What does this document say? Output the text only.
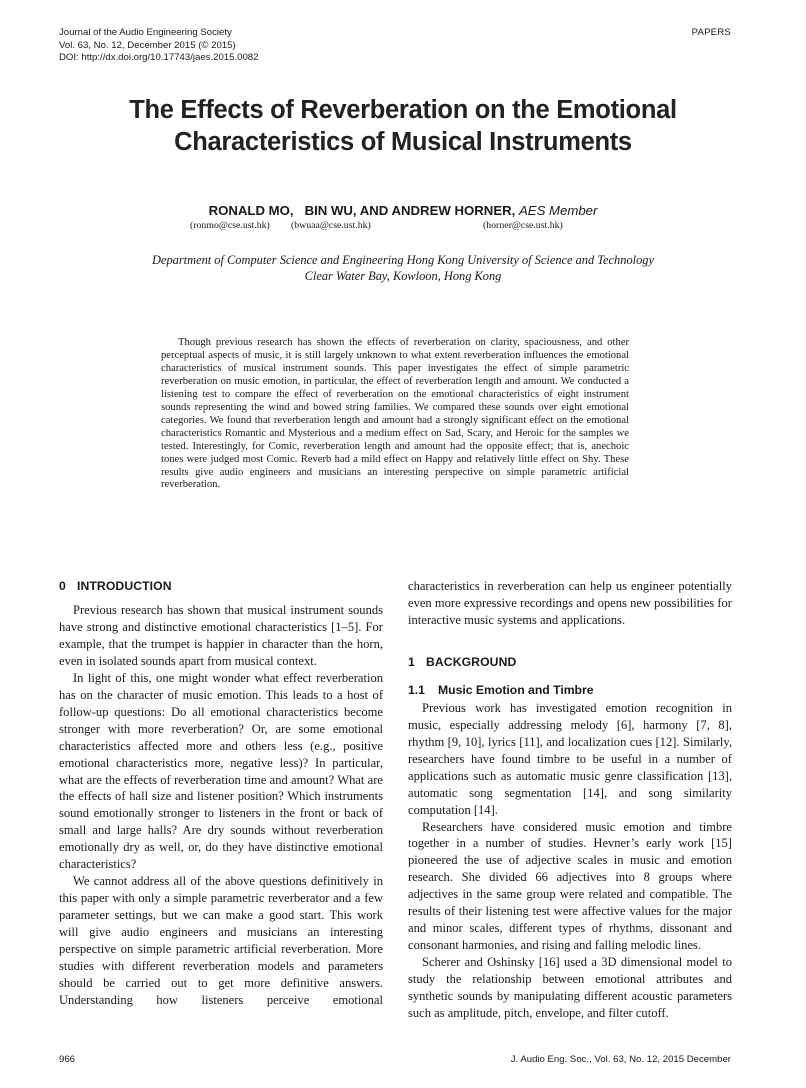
Journal of the Audio Engineering Society
Vol. 63, No. 12, December 2015 (© 2015)
DOI: http://dx.doi.org/10.17743/jaes.2015.0082
PAPERS
The Effects of Reverberation on the Emotional
Characteristics of Musical Instruments
RONALD MO, BIN WU, AND ANDREW HORNER, AES Member
(ronmo@cse.ust.hk) (bwuaa@cse.ust.hk)	(horner@cse.ust.hk)
Department of Computer Science and Engineering Hong Kong University of Science and Technology
Clear Water Bay, Kowloon, Hong Kong

Though previous research has shown the effects of reverberation on clarity, spaciousness, and other perceptual aspects of music, it is still largely unknown to what extent reverberation influences the emotional characteristics of musical instrument sounds. This paper investigates the effect of simple parametric reverberation on music emotion, in particular, the effect of reverberation length and amount. We conducted a listening test to compare the effect of reverberation on the emotional characteristics of eight instrument sounds representing the wind and bowed string families. We compared these sounds over eight emotional categories. We found that reverberation length and amount had a strongly significant effect on the emotional characteristics Romantic and Mysterious and a medium effect on Sad, Scary, and Heroic for the samples we tested. Interestingly, for Comic, reverberation length and amount had the opposite effect; that is, anechoic tones were judged most Comic. Reverb had a mild effect on Happy and relatively little effect on Shy. These results give audio engineers and musicians an interesting perspective on simple parametric artificial reverberation.

0 INTRODUCTION

Previous research has shown that musical instrument sounds have strong and distinctive emotional characteristics [1–5]. For example, that the trumpet is happier in character than the horn, even in isolated sounds apart from musical context.

In light of this, one might wonder what effect reverberation has on the character of music emotion. This leads to a host of follow-up questions: Do all emotional characteristics become stronger with more reverberation? Or, are some emotional characteristics affected more and others less (e.g., positive emotional characteristics more, negative less)? In particular, what are the effects of reverberation time and amount? What are the effects of hall size and listener position? Which instruments sound emotionally stronger to listeners in the front or back of small and large halls? Are dry sounds without reverberation emotionally dry as well, or, do they have distinctive emotional characteristics?

We cannot address all of the above questions definitively in this paper with only a simple parametric reverberator and a few parameter settings, but we can make a good start. This work will give audio engineers and musicians an interesting perspective on simple parametric artificial reverberation. More studies with different reverberation models and parameters should be carried out to get more definitive answers. Understanding how listeners perceive emotional

characteristics in reverberation can help us engineer potentially even more expressive recordings and opens new possibilities for interactive music systems and applications.

1 BACKGROUND
1.1 Music Emotion and Timbre

Previous work has investigated emotion recognition in music, especially addressing melody [6], harmony [7, 8], rhythm [9, 10], lyrics [11], and localization cues [12]. Similarly, researchers have found timbre to be useful in a number of applications such as automatic music genre classification [13], automatic song segmentation [14], and song similarity computation [14].

Researchers have considered music emotion and timbre together in a number of studies. Hevner’s early work [15] pioneered the use of adjective scales in music and emotion research. She divided 66 adjectives into 8 groups where adjectives in the same group were related and compatible. The results of their listening test were affective values for the major and minor scales, different types of rhythms, dissonant and consonant harmonies, and rising and falling melodic lines.

Scherer and Oshinsky [16] used a 3D dimensional model to study the relationship between emotional attributes and synthetic sounds by manipulating different acoustic parameters such as amplitude, pitch, envelope, and filter cutoff.

966	J. Audio Eng. Soc., Vol. 63, No. 12, 2015 December
